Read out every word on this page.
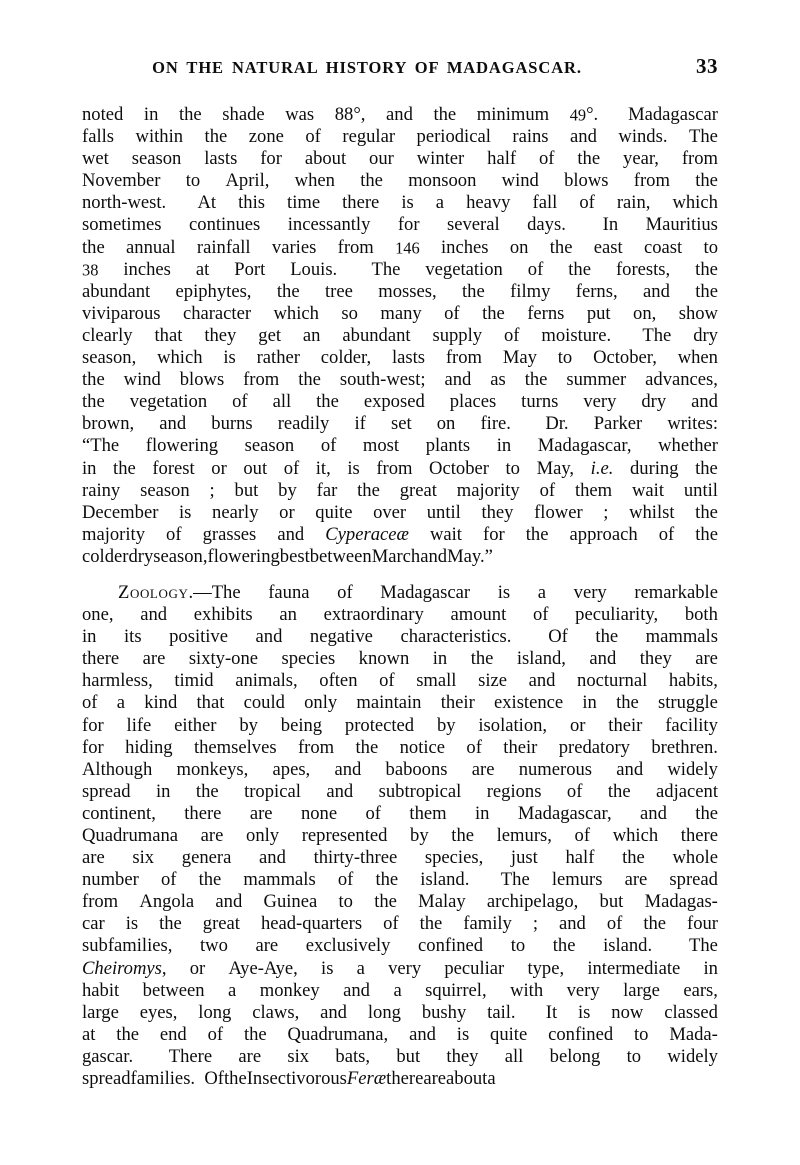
ON THE NATURAL HISTORY OF MADAGASCAR.	33
noted in the shade was 88°, and the minimum 49°. Madagascar
falls within the zone of regular periodical rains and winds. The
wet season lasts for about our winter half of the year, from
November to April, when the monsoon wind blows from the
north-west. At this time there is a heavy fall of rain, which
sometimes continues incessantly for several days. In Mauritius
the annual rainfall varies from 146 inches on the east coast to
38 inches at Port Louis. The vegetation of the forests, the
abundant epiphytes, the tree mosses, the filmy ferns, and the
viviparous character which so many of the ferns put on, show
clearly that they get an abundant supply of moisture. The dry
season, which is rather colder, lasts from May to October, when
the wind blows from the south-west; and as the summer advances,
the vegetation of all the exposed places turns very dry and
brown, and burns readily if set on fire. Dr. Parker writes:
“The flowering season of most plants in Madagascar, whether
in the forest or out of it, is from October to May, i.e. during the
rainy season ; but by far the great majority of them wait until
December is nearly or quite over until they flower ; whilst the
majority of grasses and Cyperaceæ wait for the approach of the
colder dry season, flowering best between March and May.”
Zoology.—The fauna of Madagascar is a very remarkable
one, and exhibits an extraordinary amount of peculiarity, both
in its positive and negative characteristics. Of the mammals
there are sixty-one species known in the island, and they are
harmless, timid animals, often of small size and nocturnal habits,
of a kind that could only maintain their existence in the struggle
for life either by being protected by isolation, or their facility
for hiding themselves from the notice of their predatory brethren.
Although monkeys, apes, and baboons are numerous and widely
spread in the tropical and subtropical regions of the adjacent
continent, there are none of them in Madagascar, and the
Quadrumana are only represented by the lemurs, of which there
are six genera and thirty-three species, just half the whole
number of the mammals of the island. The lemurs are spread
from Angola and Guinea to the Malay archipelago, but Madagas-
car is the great head-quarters of the family ; and of the four
subfamilies, two are exclusively confined to the island. The
Cheiromys, or Aye-Aye, is a very peculiar type, intermediate in
habit between a monkey and a squirrel, with very large ears,
large eyes, long claws, and long bushy tail. It is now classed
at the end of the Quadrumana, and is quite confined to Mada-
gascar. There are six bats, but they all belong to widely
spread families. Of the Insectivorous Feræ there are about a
